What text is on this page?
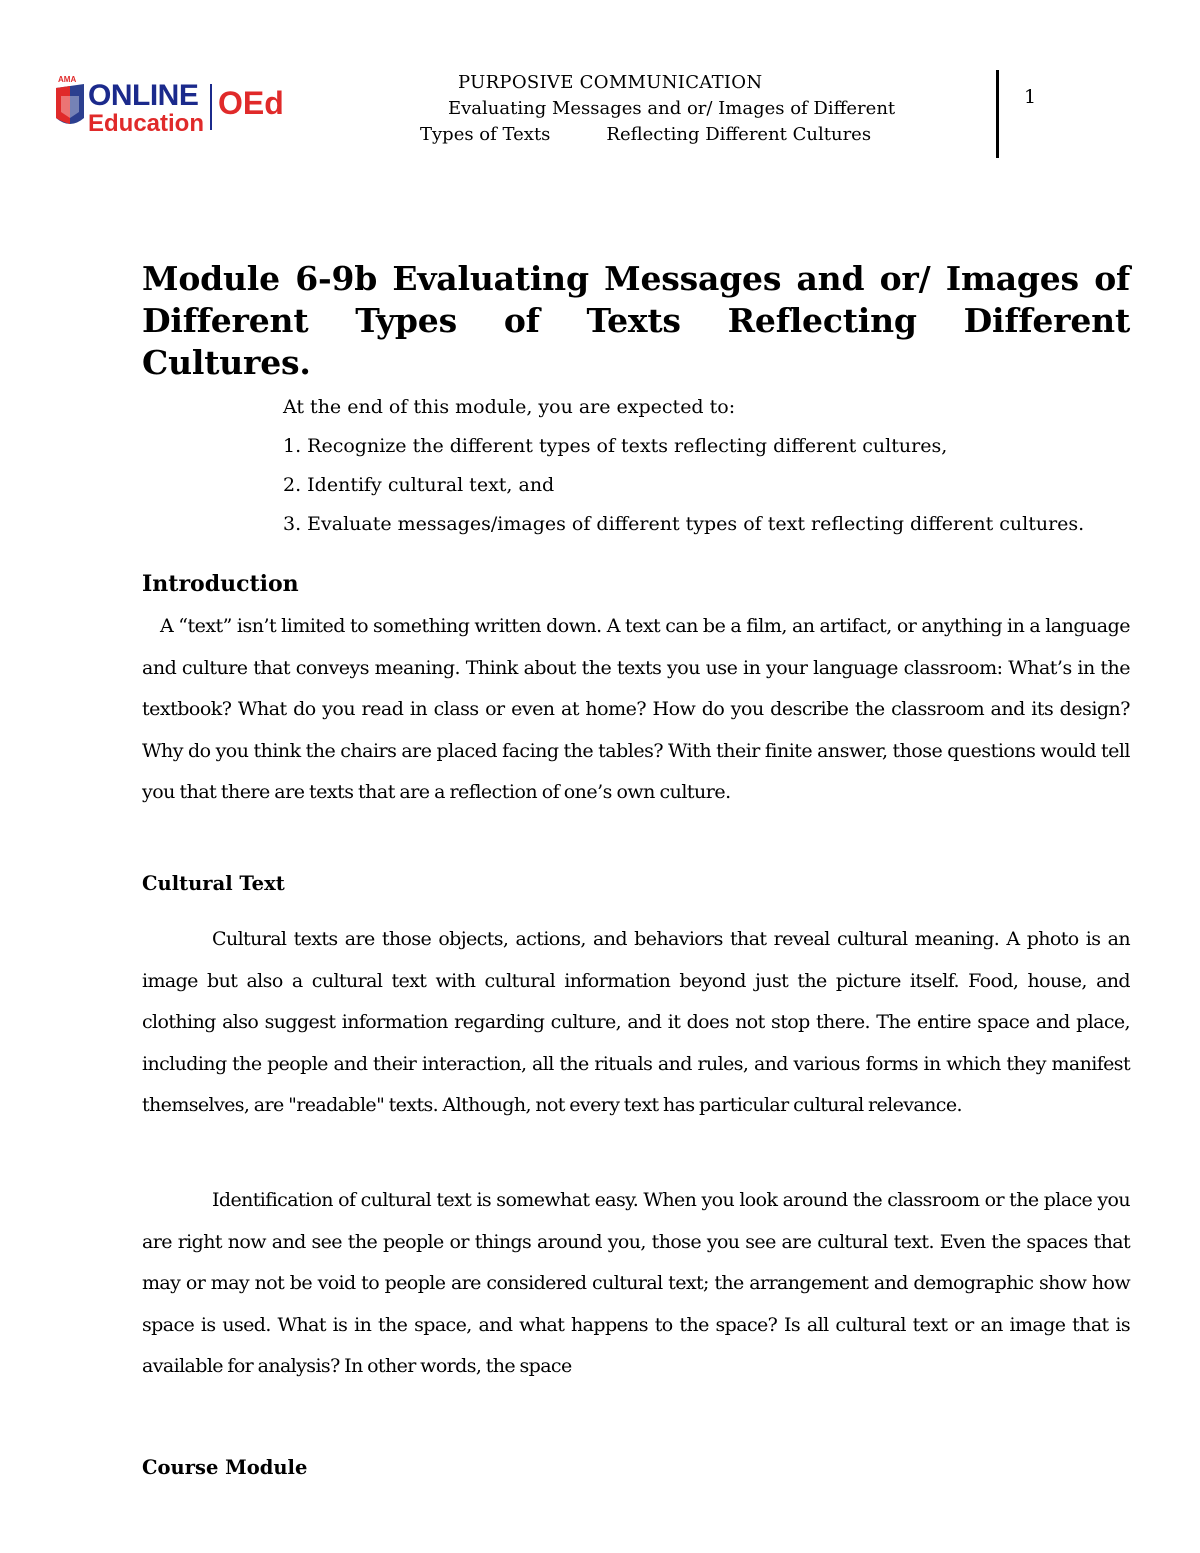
AMA ONLINE
Education
OEd
PURPOSIVE COMMUNICATION
Evaluating Messages and or/ Images of Different
Types of Texts	Reflecting Different Cultures
1
Module 6-9b Evaluating Messages and or/ Images of Different Types of Texts Reflecting Different Cultures.
At the end of this module, you are expected to:
1. Recognize the different types of texts reflecting different cultures,
2. Identify cultural text, and
3. Evaluate messages/images of different types of text reflecting different cultures.
Introduction
A “text” isn’t limited to something written down. A text can be a film, an artifact, or anything in a language and culture that conveys meaning. Think about the texts you use in your language classroom: What’s in the textbook? What do you read in class or even at home? How do you describe the classroom and its design? Why do you think the chairs are placed facing the tables? With their finite answer, those questions would tell you that there are texts that are a reflection of one’s own culture.
Cultural Text
Cultural texts are those objects, actions, and behaviors that reveal cultural meaning. A photo is an image but also a cultural text with cultural information beyond just the picture itself. Food, house, and clothing also suggest information regarding culture, and it does not stop there. The entire space and place, including the people and their interaction, all the rituals and rules, and various forms in which they manifest themselves, are "readable" texts. Although, not every text has particular cultural relevance.
Identification of cultural text is somewhat easy. When you look around the classroom or the place you are right now and see the people or things around you, those you see are cultural text. Even the spaces that may or may not be void to people are considered cultural text; the arrangement and demographic show how space is used. What is in the space, and what happens to the space? Is all cultural text or an image that is available for analysis? In other words, the space
Course Module
